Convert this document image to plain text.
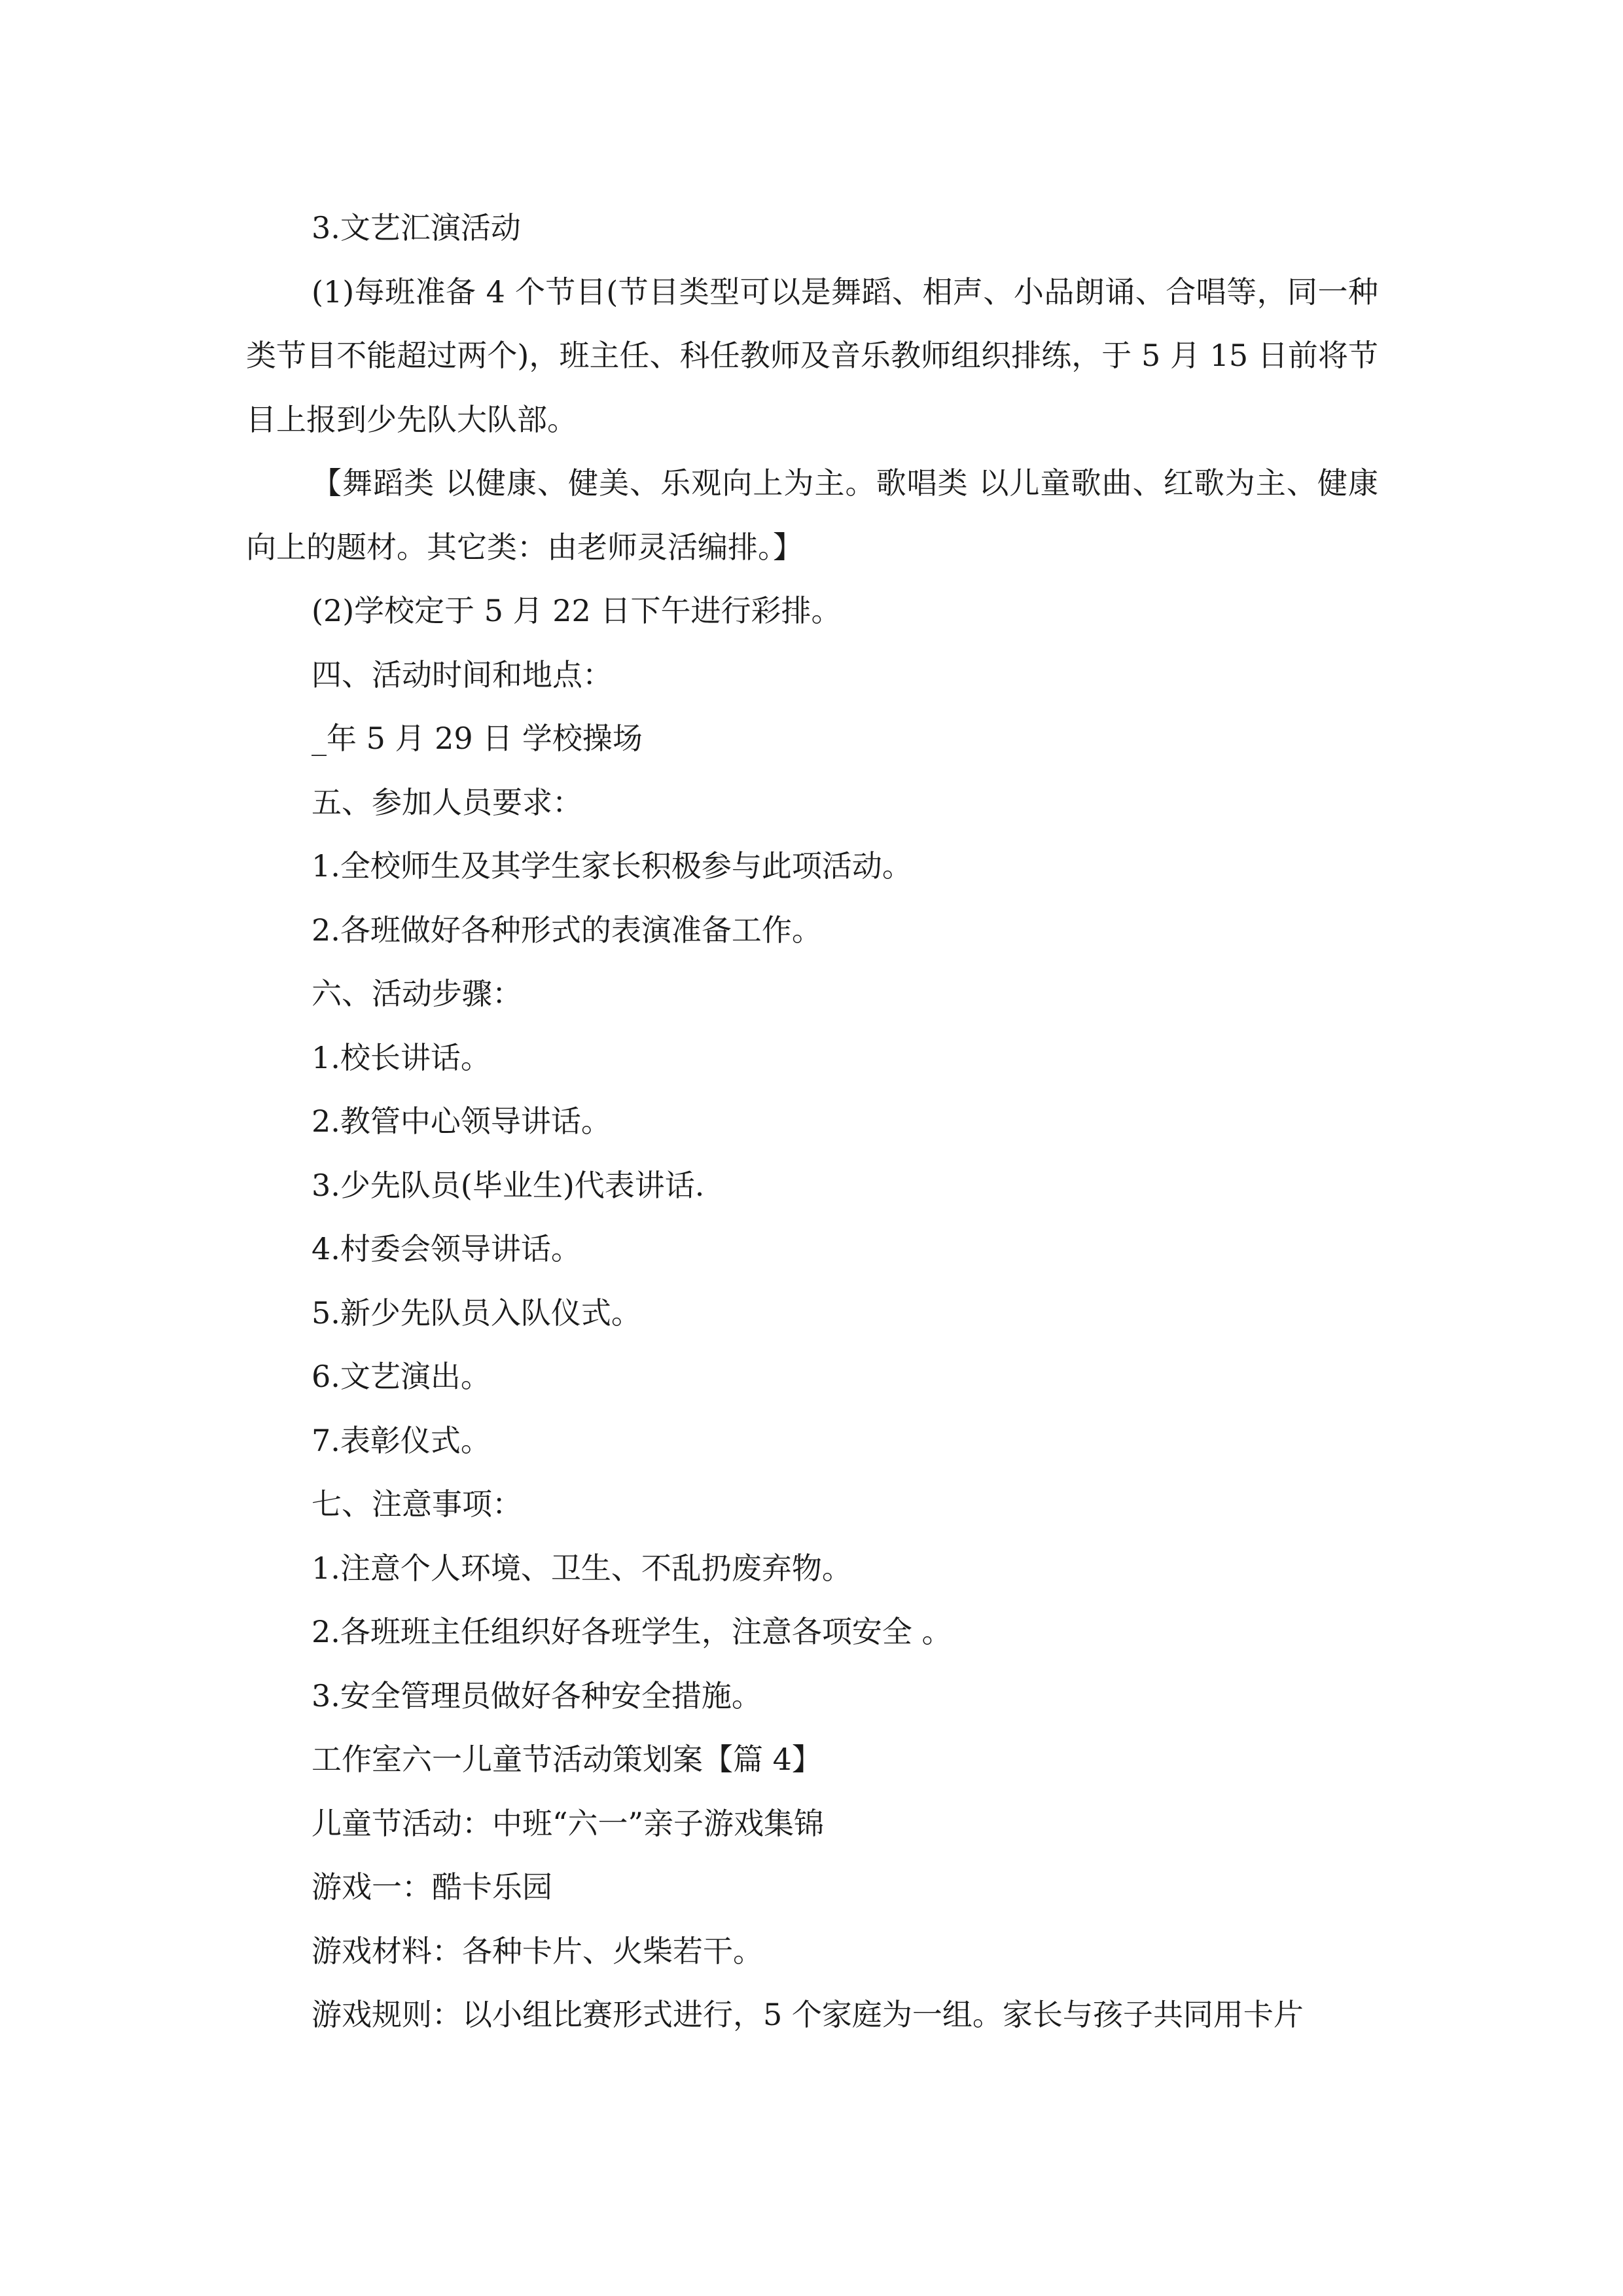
3.文艺汇演活动

(1)每班准备 4 个节目(节目类型可以是舞蹈、相声、小品朗诵、合唱等，同一种类节目不能超过两个)，班主任、科任教师及音乐教师组织排练，于 5 月 15 日前将节目上报到少先队大队部。

【舞蹈类 以健康、健美、乐观向上为主。歌唱类 以儿童歌曲、红歌为主、健康向上的题材。其它类：由老师灵活编排。】

(2)学校定于 5 月 22 日下午进行彩排。

四、活动时间和地点：

_年 5 月 29 日 学校操场

五、参加人员要求：

1.全校师生及其学生家长积极参与此项活动。

2.各班做好各种形式的表演准备工作。

六、活动步骤：

1.校长讲话。

2.教管中心领导讲话。

3.少先队员(毕业生)代表讲话.

4.村委会领导讲话。

5.新少先队员入队仪式。

6.文艺演出。

7.表彰仪式。

七、注意事项：

1.注意个人环境、卫生、不乱扔废弃物。

2.各班班主任组织好各班学生，注意各项安全 。

3.安全管理员做好各种安全措施。

工作室六一儿童节活动策划案【篇 4】

儿童节活动：中班“六一”亲子游戏集锦

游戏一：酷卡乐园

游戏材料：各种卡片、火柴若干。

游戏规则：以小组比赛形式进行，5 个家庭为一组。家长与孩子共同用卡片
